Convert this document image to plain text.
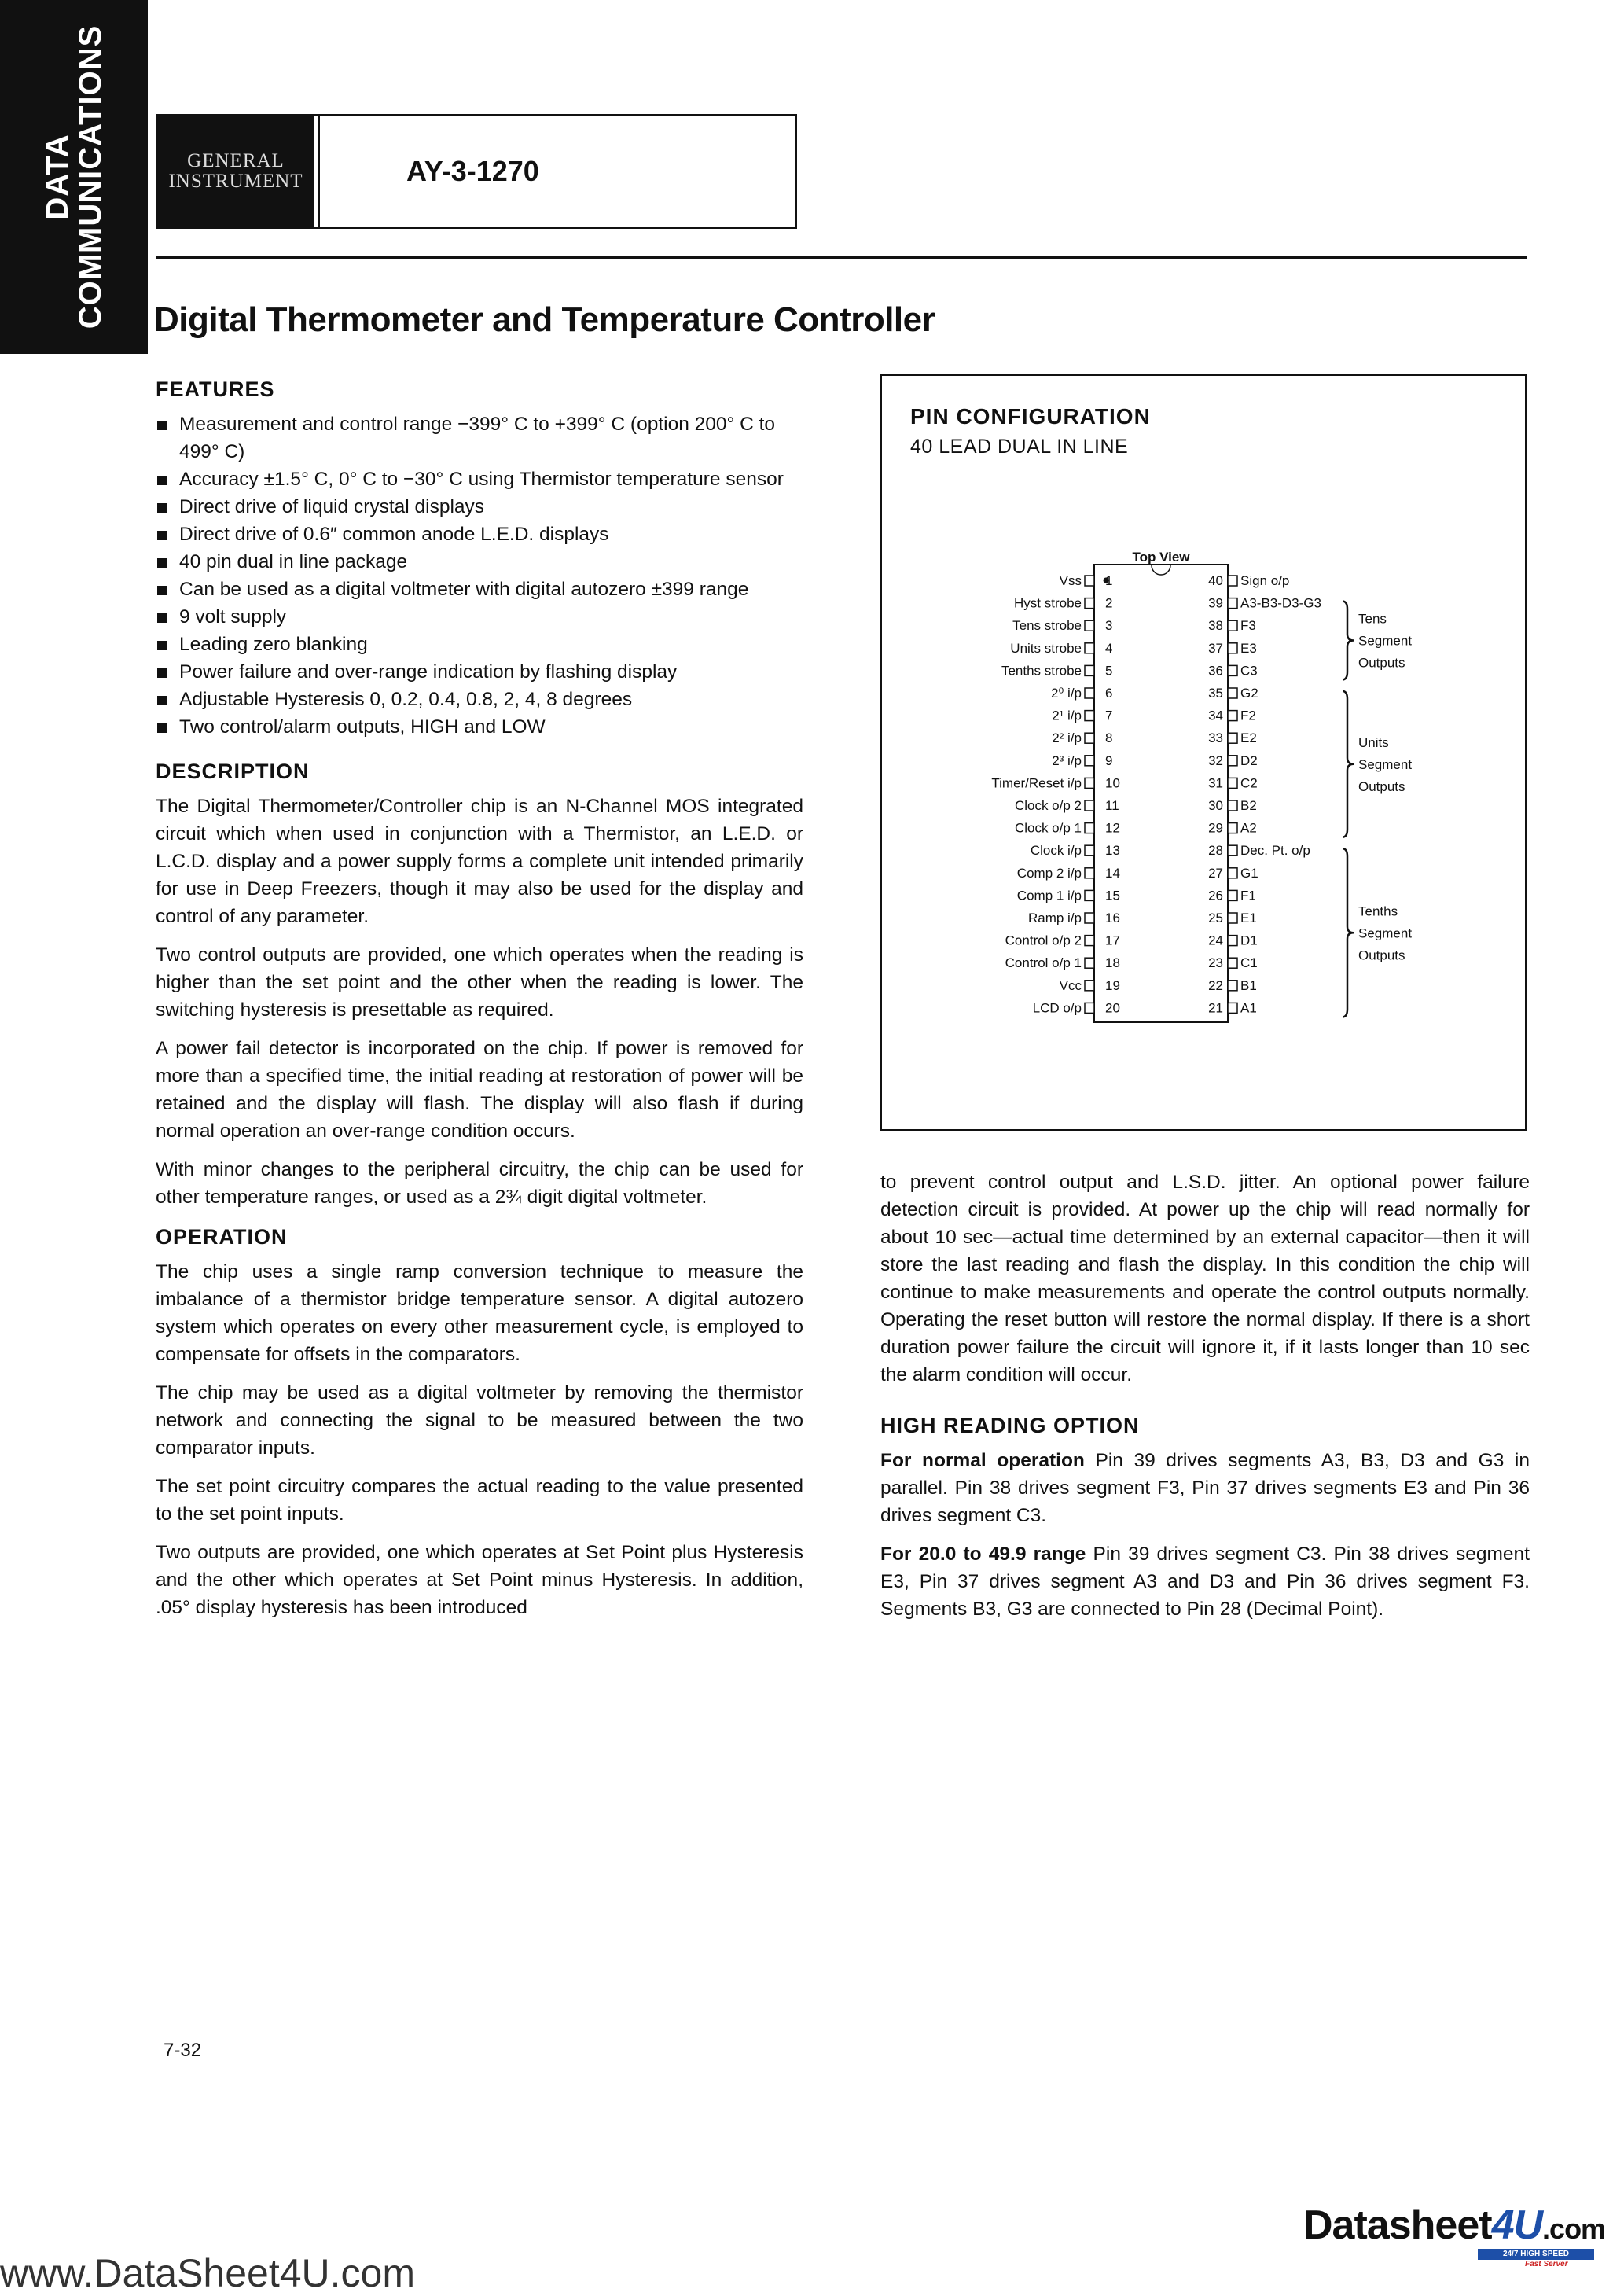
DATA
COMMUNICATIONS	GENERAL
INSTRUMENT	AY-3-1270
Digital Thermometer and Temperature Controller
FEATURES
Measurement and control range −399° C to +399° C (option 200° C to 499° C)
Accuracy ±1.5° C, 0° C to −30° C using Thermistor temperature sensor
Direct drive of liquid crystal displays
Direct drive of 0.6″ common anode L.E.D. displays
40 pin dual in line package
Can be used as a digital voltmeter with digital autozero ±399 range
9 volt supply
Leading zero blanking
Power failure and over-range indication by flashing display
Adjustable Hysteresis 0, 0.2, 0.4, 0.8, 2, 4, 8 degrees
Two control/alarm outputs, HIGH and LOW
DESCRIPTION

The Digital Thermometer/Controller chip is an N-Channel MOS integrated circuit which when used in conjunction with a Thermistor, an L.E.D. or L.C.D. display and a power supply forms a complete unit intended primarily for use in Deep Freezers, though it may also be used for the display and control of any parameter.

Two control outputs are provided, one which operates when the reading is higher than the set point and the other when the reading is lower. The switching hysteresis is presettable as required.

A power fail detector is incorporated on the chip. If power is removed for more than a specified time, the initial reading at restoration of power will be retained and the display will flash. The display will also flash if during normal operation an over-range condition occurs.

With minor changes to the peripheral circuitry, the chip can be used for other temperature ranges, or used as a 2¾ digit digital voltmeter.

OPERATION

The chip uses a single ramp conversion technique to measure the imbalance of a thermistor bridge temperature sensor. A digital autozero system which operates on every other measurement cycle, is employed to compensate for offsets in the comparators.

The chip may be used as a digital voltmeter by removing the thermistor network and connecting the signal to be measured between the two comparator inputs.

The set point circuitry compares the actual reading to the value presented to the set point inputs.

Two outputs are provided, one which operates at Set Point plus Hysteresis and the other which operates at Set Point minus Hysteresis. In addition, .05° display hysteresis has been introduced

PIN CONFIGURATION
40 LEAD DUAL IN LINE
Top View
Vss 1
Hyst strobe 2
Tens strobe 3
Units strobe 4
Tenths strobe 5
2⁰ i/p 6
2¹ i/p 7
2² i/p 8
2³ i/p 9
Timer/Reset i/p 10
Clock o/p 2 11
Clock o/p 1 12
Clock i/p 13
Comp 2 i/p 14
Comp 1 i/p 15
Ramp i/p 16
Control o/p 2 17
Control o/p 1 18
Vcc 19
LCD o/p 20
Sign o/p
40
A3-B3-D3-G3
39
F3
38
E3
37
C3
36
G2
35
F2
34
E2
33
D2
32
C2
31
B2
30
A2
29
Dec. Pt. o/p
28
G1
27
F1
26
E1
25
D1
24
C1
23
B1
22
A1
21
Tens
Segment
Outputs
Units
Segment
Outputs
Tenths
Segment
Outputs

to prevent control output and L.S.D. jitter. An optional power failure detection circuit is provided. At power up the chip will read normally for about 10 sec—actual time determined by an external capacitor—then it will store the last reading and flash the display. In this condition the chip will continue to make measurements and operate the control outputs normally. Operating the reset button will restore the normal display. If there is a short duration power failure the circuit will ignore it, if it lasts longer than 10 sec the alarm condition will occur.

HIGH READING OPTION

For normal operation Pin 39 drives segments A3, B3, D3 and G3 in parallel. Pin 38 drives segment F3, Pin 37 drives segments E3 and Pin 36 drives segment C3.

For 20.0 to 49.9 range Pin 39 drives segment C3. Pin 38 drives segment E3, Pin 37 drives segment A3 and D3 and Pin 36 drives segment F3. Segments B3, G3 are connected to Pin 28 (Decimal Point).

7-32
www.DataSheet4U.com
Datasheet4U.com
24/7 HIGH SPEED
Fast Server
